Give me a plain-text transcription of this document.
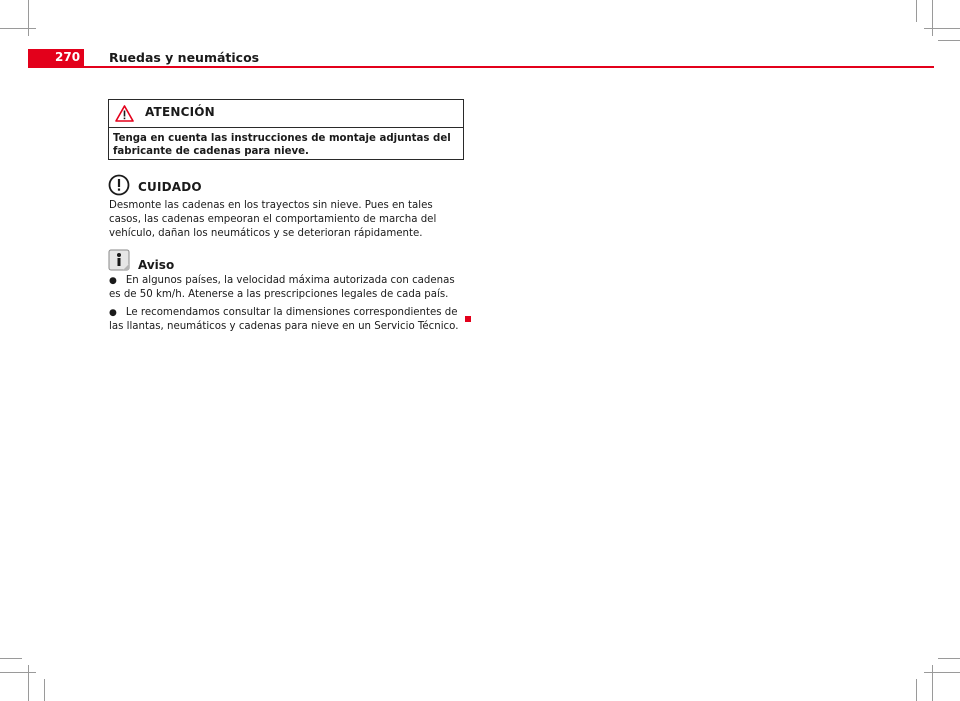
270	Ruedas y neumáticos
ATENCIÓN
Tenga en cuenta las instrucciones de montaje adjuntas del fabricante de cadenas para nieve.
CUIDADO
Desmonte las cadenas en los trayectos sin nieve. Pues en tales casos, las cadenas empeoran el comportamiento de marcha del vehículo, dañan los neumáticos y se deterioran rápidamente.
Aviso
● En algunos países, la velocidad máxima autorizada con cadenas es de 50 km/h. Atenerse a las prescripciones legales de cada país.
● Le recomendamos consultar la dimensiones correspondientes de las llantas, neumáticos y cadenas para nieve en un Servicio Técnico.
